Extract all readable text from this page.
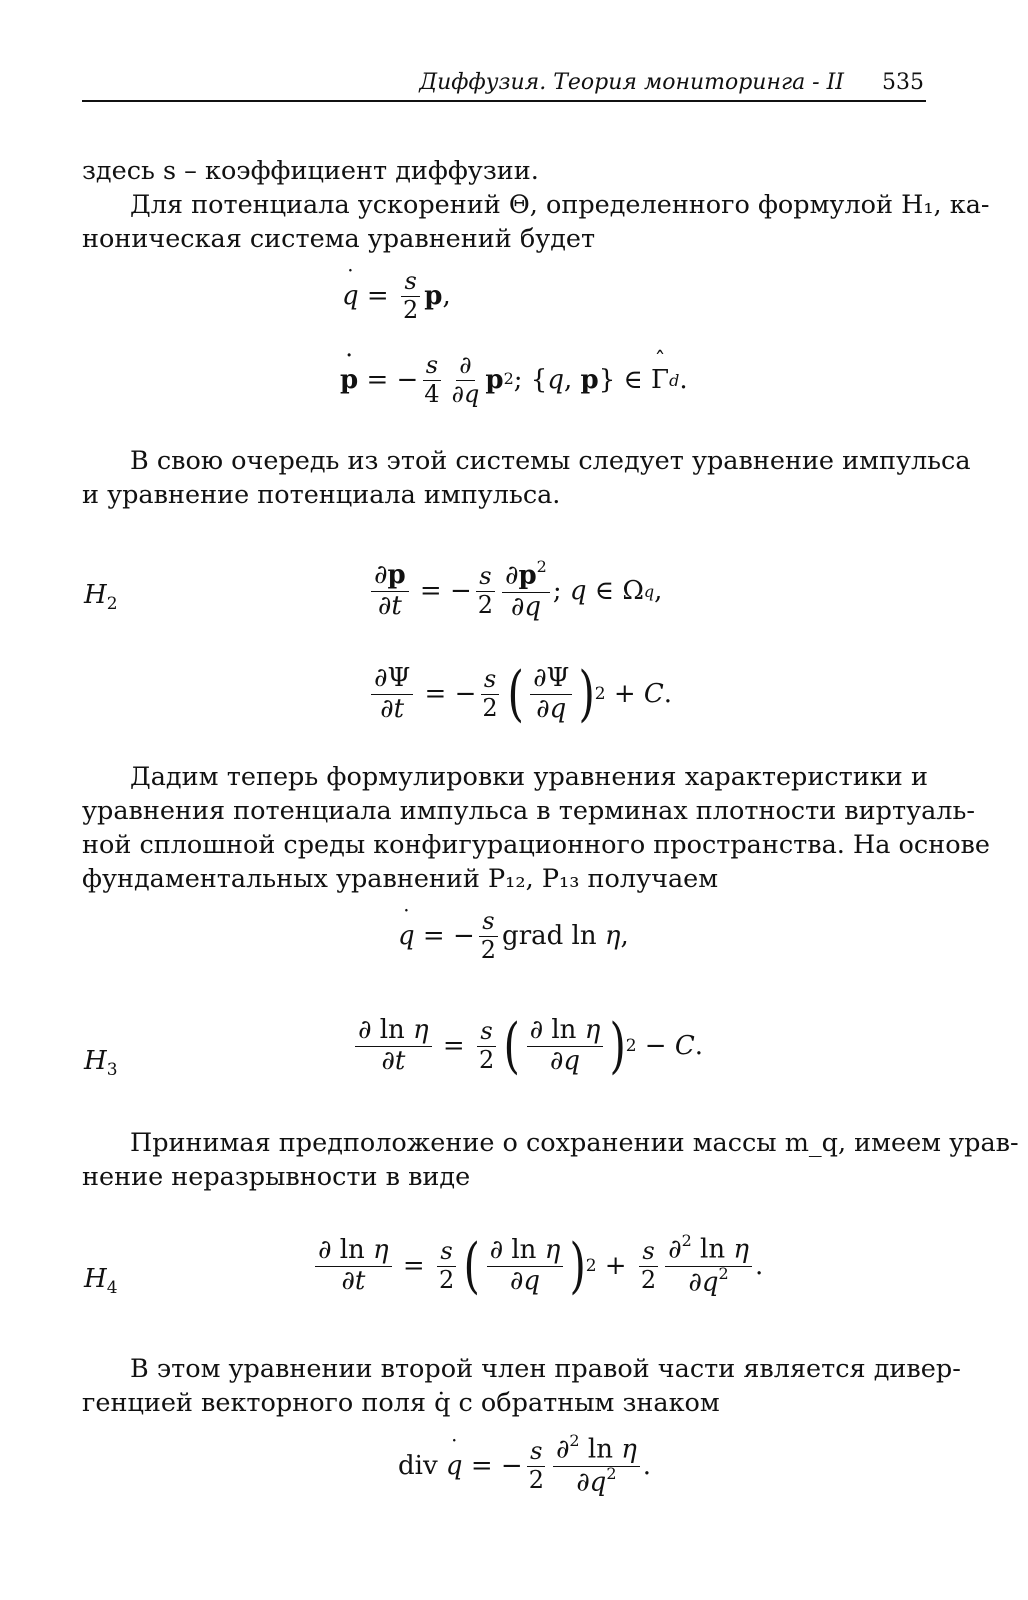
Диффузия. Теория мониторинга - II 535

здесь s – коэффициент диффузии.

Для потенциала ускорений Θ, определенного формулой H₁, ка-
ноническая система уравнений будет

q ˙ = $\frac{s}{2}$ p ,
p ˙ = − $\frac{s}{4} \frac{\partial}{\partial q} p^2$ ; { q , p } ∈ Γ ˆ d .

В свою очередь из этой системы следует уравнение импульса
и уравнение потенциала импульса.

$H_2$	$\frac{\partial p}{\partial t}$ = − $\frac{s}{2} \frac{\partial p^2}{\partial q}$ ; q ∈ Ω q ,
$\frac{\partial\Psi}{\partial t}$ = − $\frac{s}{2}$ ( $\frac{\partial\Psi}{\partial q}$ ) 2 + C .

Дадим теперь формулировки уравнения характеристики и
уравнения потенциала импульса в терминах плотности виртуаль-
ной сплошной среды конфигурационного пространства. На основе
фундаментальных уравнений P₁₂, P₁₃ получаем

q ˙ = − $\frac{s}{2}$ grad ln η ,
$H_3$	$\frac{\text{∂ ln η}}{\partial t} = \frac{s}{2}$ ( $\frac{\text{∂ ln η}}{\partial q}$ ) 2 − C .

Принимая предположение о сохранении массы m_q, имеем урав-
нение неразрывности в виде

$H_4$	$\frac{\text{∂ ln η}}{\partial t} = \frac{s}{2}$ ( $\frac{\text{∂ ln η}}{\partial q}$ ) $2 + \frac{s}{2} \frac{\partial^2 \ln \eta}{\partial q^2}$ .

В этом уравнении второй член правой части является дивер-
генцией векторного поля q̇ с обратным знаком

div q ˙ = − $\frac{s}{2} \frac{\partial^2 \ln \eta}{\partial q^2}$ .
